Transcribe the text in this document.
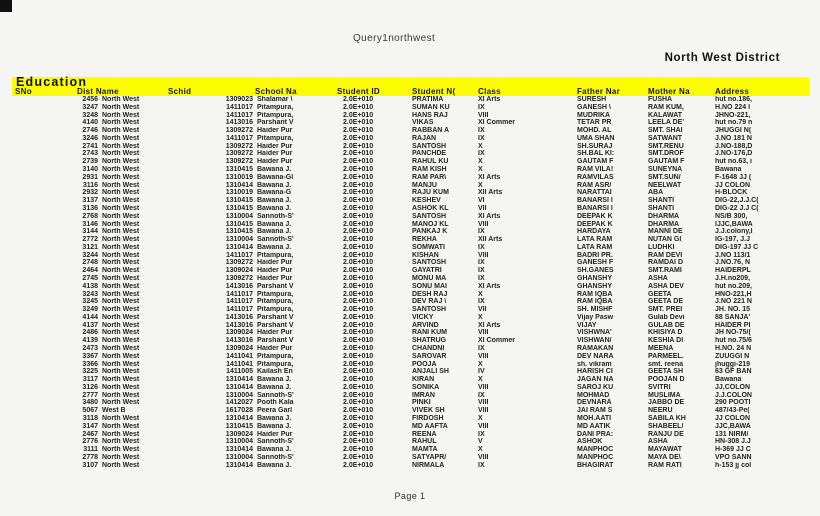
Query1northwest
North West District
Education
SNo	Dist Name	Schid	School Na	Student ID	Student N(	Class	Father Nar	Mother Na	Address
2456 North West	1309023 Shalamar \	2.0E+010	PRATIMA	XI Arts	SURESH	FUSHA	hut no.186,
3247 North West	1411017 Pitampura,	2.0E+010	SUMAN KU	IX	GANESH \	RAM KUM,	H.NO 224 l
3248 North West	1411017 Pitampura,	2.0E+010	HANS RAJ	VIII	MUDRIKA	KALAWAT	JHNO-221,
4140 North West	1413016 Parshant V	2.0E+010	VIKAS	XI Commer	TETAR PR	LEELA DE'	hut no.79 n
2746 North West	1309272 Haider Pur	2.0E+010	RABBAN A	IX	MOHD. AL	SMT. SHAI	JHUGGI N(
3246 North West	1411017 Pitampura,	2.0E+010	RAJAN	IX	UMA SHAN	SATWANT	J.NO 181 N
2741 North West	1309272 Haider Pur	2.0E+010	SANTOSH	X	SH.SURAJ	SMT.RENU	J.NO-188,D
2743 North West	1309272 Haider Pur	2.0E+010	PANCHDE	IX	SH.BAL KI:	SMT.DROF	J.NO-176,D
2739 North West	1309272 Haider Pur	2.0E+010	RAHUL KU	X	GAUTAM F	GAUTAM F	hut no.63, i
3140 North West	1310415 Bawana J.	2.0E+010	RAM KISH	X	RAM VILA!	SUNEYNA	Bawana
2931 North West	1310019 Bawana-Gl	2.0E+010	RAM PAR\	XI Arts	RAMVILAS	SMT.SUN/	F-1648 JJ (
3116 North West	1310414 Bawana J.	2.0E+010	MANJU	X	RAM ASR/	NEELWAT	JJ COLON
2932 North West	1310019 Bawana-G	2.0E+010	RAJU KUM	XII Arts	NARATTAI	ABA	H-BLOCK
3137 North West	1310415 Bawana J.	2.0E+010	KESHEV	VI	BANARSI l	SHANTI	DIG-22,J.J.C(
3136 North West	1310415 Bawana J.	2.0E+010	ASHOK KL	VII	BANARSI l	SHANTI	DIG-22 J.J C(
2768 North West	1310004 Sannoth-S'	2.0E+010	SANTOSH	XI Arts	DEEPAK K	DHARMA	NS/B 300,
3146 North West	1310415 Bawana J.	2.0E+010	MANOJ KL	VIII	DEEPAK K	DHARMA	IJJC,BAWA
3144 North West	1310415 Bawana J.	2.0E+010	PANKAJ K	IX	HARDAYA	MANNI DE	J.J.colony,l
2772 North West	1310004 Sannoth-S'	2.0E+010	REKHA	XII Arts	LATA RAM	NUTAN GI	IG-197, J.J
3121 North West	1310414 Bawana J.	2.0E+010	SOMWATI	IX	LATA RAM	LUDHKI	DIG-197 JJ C
3244 North West	1411017 Pitampura,	2.0E+010	KISHAN	VIII	BADRI PR.	RAM DEVI	J.NO 113/1
2748 North West	1309272 Haider Pur	2.0E+010	SANTOSH	IX	GANESH F	RAMDAI D	J.NO.76, N
2464 North West	1309024 Haider Pur	2.0E+010	GAYATRI	IX	SH.GANES	SMT.RAMI	HAIDERPL
2745 North West	1309272 Haider Pur	2.0E+010	MONU MA	IX	GHANSHY	ASHA	J.H.no209,
4138 North West	1413016 Parshant V	2.0E+010	SONU MAI	XI Arts	GHANSHY	ASHA DEV	hut no.209,
3243 North West	1411017 Pitampura,	2.0E+010	DESH RAJ	X	RAM IQBA	GEETA	HNO-221,H
3245 North West	1411017 Pitampura,	2.0E+010	DEV RAJ \	IX	RAM IQBA	GEETA DE	J.NO 221 N
3249 North West	1411017 Pitampura,	2.0E+010	SANTOSH	VII	SH. MISHF	SMT. PREI	JH. NO. 15
4144 North West	1413016 Parshant V	2.0E+010	VICKY	X	Vijay Pasw	Gulab Devi	88 SANJA'
4137 North West	1413016 Parshant V	2.0E+010	ARVIND	XI Arts	VIJAY	GULAB DE	HAIDER PI
2486 North West	1309024 Haider Pur	2.0E+010	RANI KUM	VIII	VISHWNA'	KHISIYA D	JH NO-75/(
4139 North West	1413016 Parshant V	2.0E+010	SHATRUG	XI Commer	VISHWAN/	KESHIA Dl	hut no.75/6
2473 North West	1309024 Haider Pur	2.0E+010	CHANDNI	IX	RAMAKAN	MEENA	H.NO. 24 N
3367 North West	1411041 Pitampura,	2.0E+010	SAROVAR	VIII	DEV NARA	PARMEEL.	ZUUGGI N
3366 North West	1411041 Pitampura,	2.0E+010	POOJA	X	sh. vikram	smt. reena	jhuggi-219
3225 North West	1411005 Kailash En	2.0E+010	ANJALI SH	IV	HARISH CI	GEETA SH	63 GF BAN
3117 North West	1310414 Bawana J.	2.0E+010	KIRAN	X	JAGAN NA	POOJAN D	Bawana
3126 North West	1310414 Bawana J.	2.0E+010	SONIKA	VIII	SAROJ KU	SVITRI	JJ,COLON
2777 North West	1310004 Sannoth-S'	2.0E+010	IMRAN	IX	MOHMAD	MUSLIMA	J.J.COLON
3480 North West	1412027 Pooth Kala	2.0E+010	PINKI	VIII	DEVNARA	JABBO DE	290 POOTI
5067 West B	1617028 Peera Garl	2.0E+010	VIVEK SH	VIII	JAI RAM S	NEERU	487/43-Pe(
3118 North West	1310414 Bawana J.	2.0E+010	FIRDOSH	X	MOH.AATI	SABILA KH	JJ COLON
3147 North West	1310415 Bawana J.	2.0E+010	MD AAFTA	VIII	MD AATIK	SHABEEL/	JJC,BAWA
2467 North West	1309024 Haider Pur	2.0E+010	REENA	IX	DANI PRA:	RANJU DE	131 NIRM/
2776 North West	1310004 Sannoth-S'	2.0E+010	RAHUL	V	ASHOK	ASHA	HN-308 J.J
3111 North West	1310414 Bawana J.	2.0E+010	MAMTA	X	MANPHOC	MAYAWAT	H-369 JJ C
2778 North West	1310004 Sannoth-S'	2.0E+010	SATYAPR/	VIII	MANPHOC	MAYA DE\	VPO SANN
3107 North West	1310414 Bawana J.	2.0E+010	NIRMALA	IX	BHAGIRAT	RAM RATI	h-153 jj col
Page 1
